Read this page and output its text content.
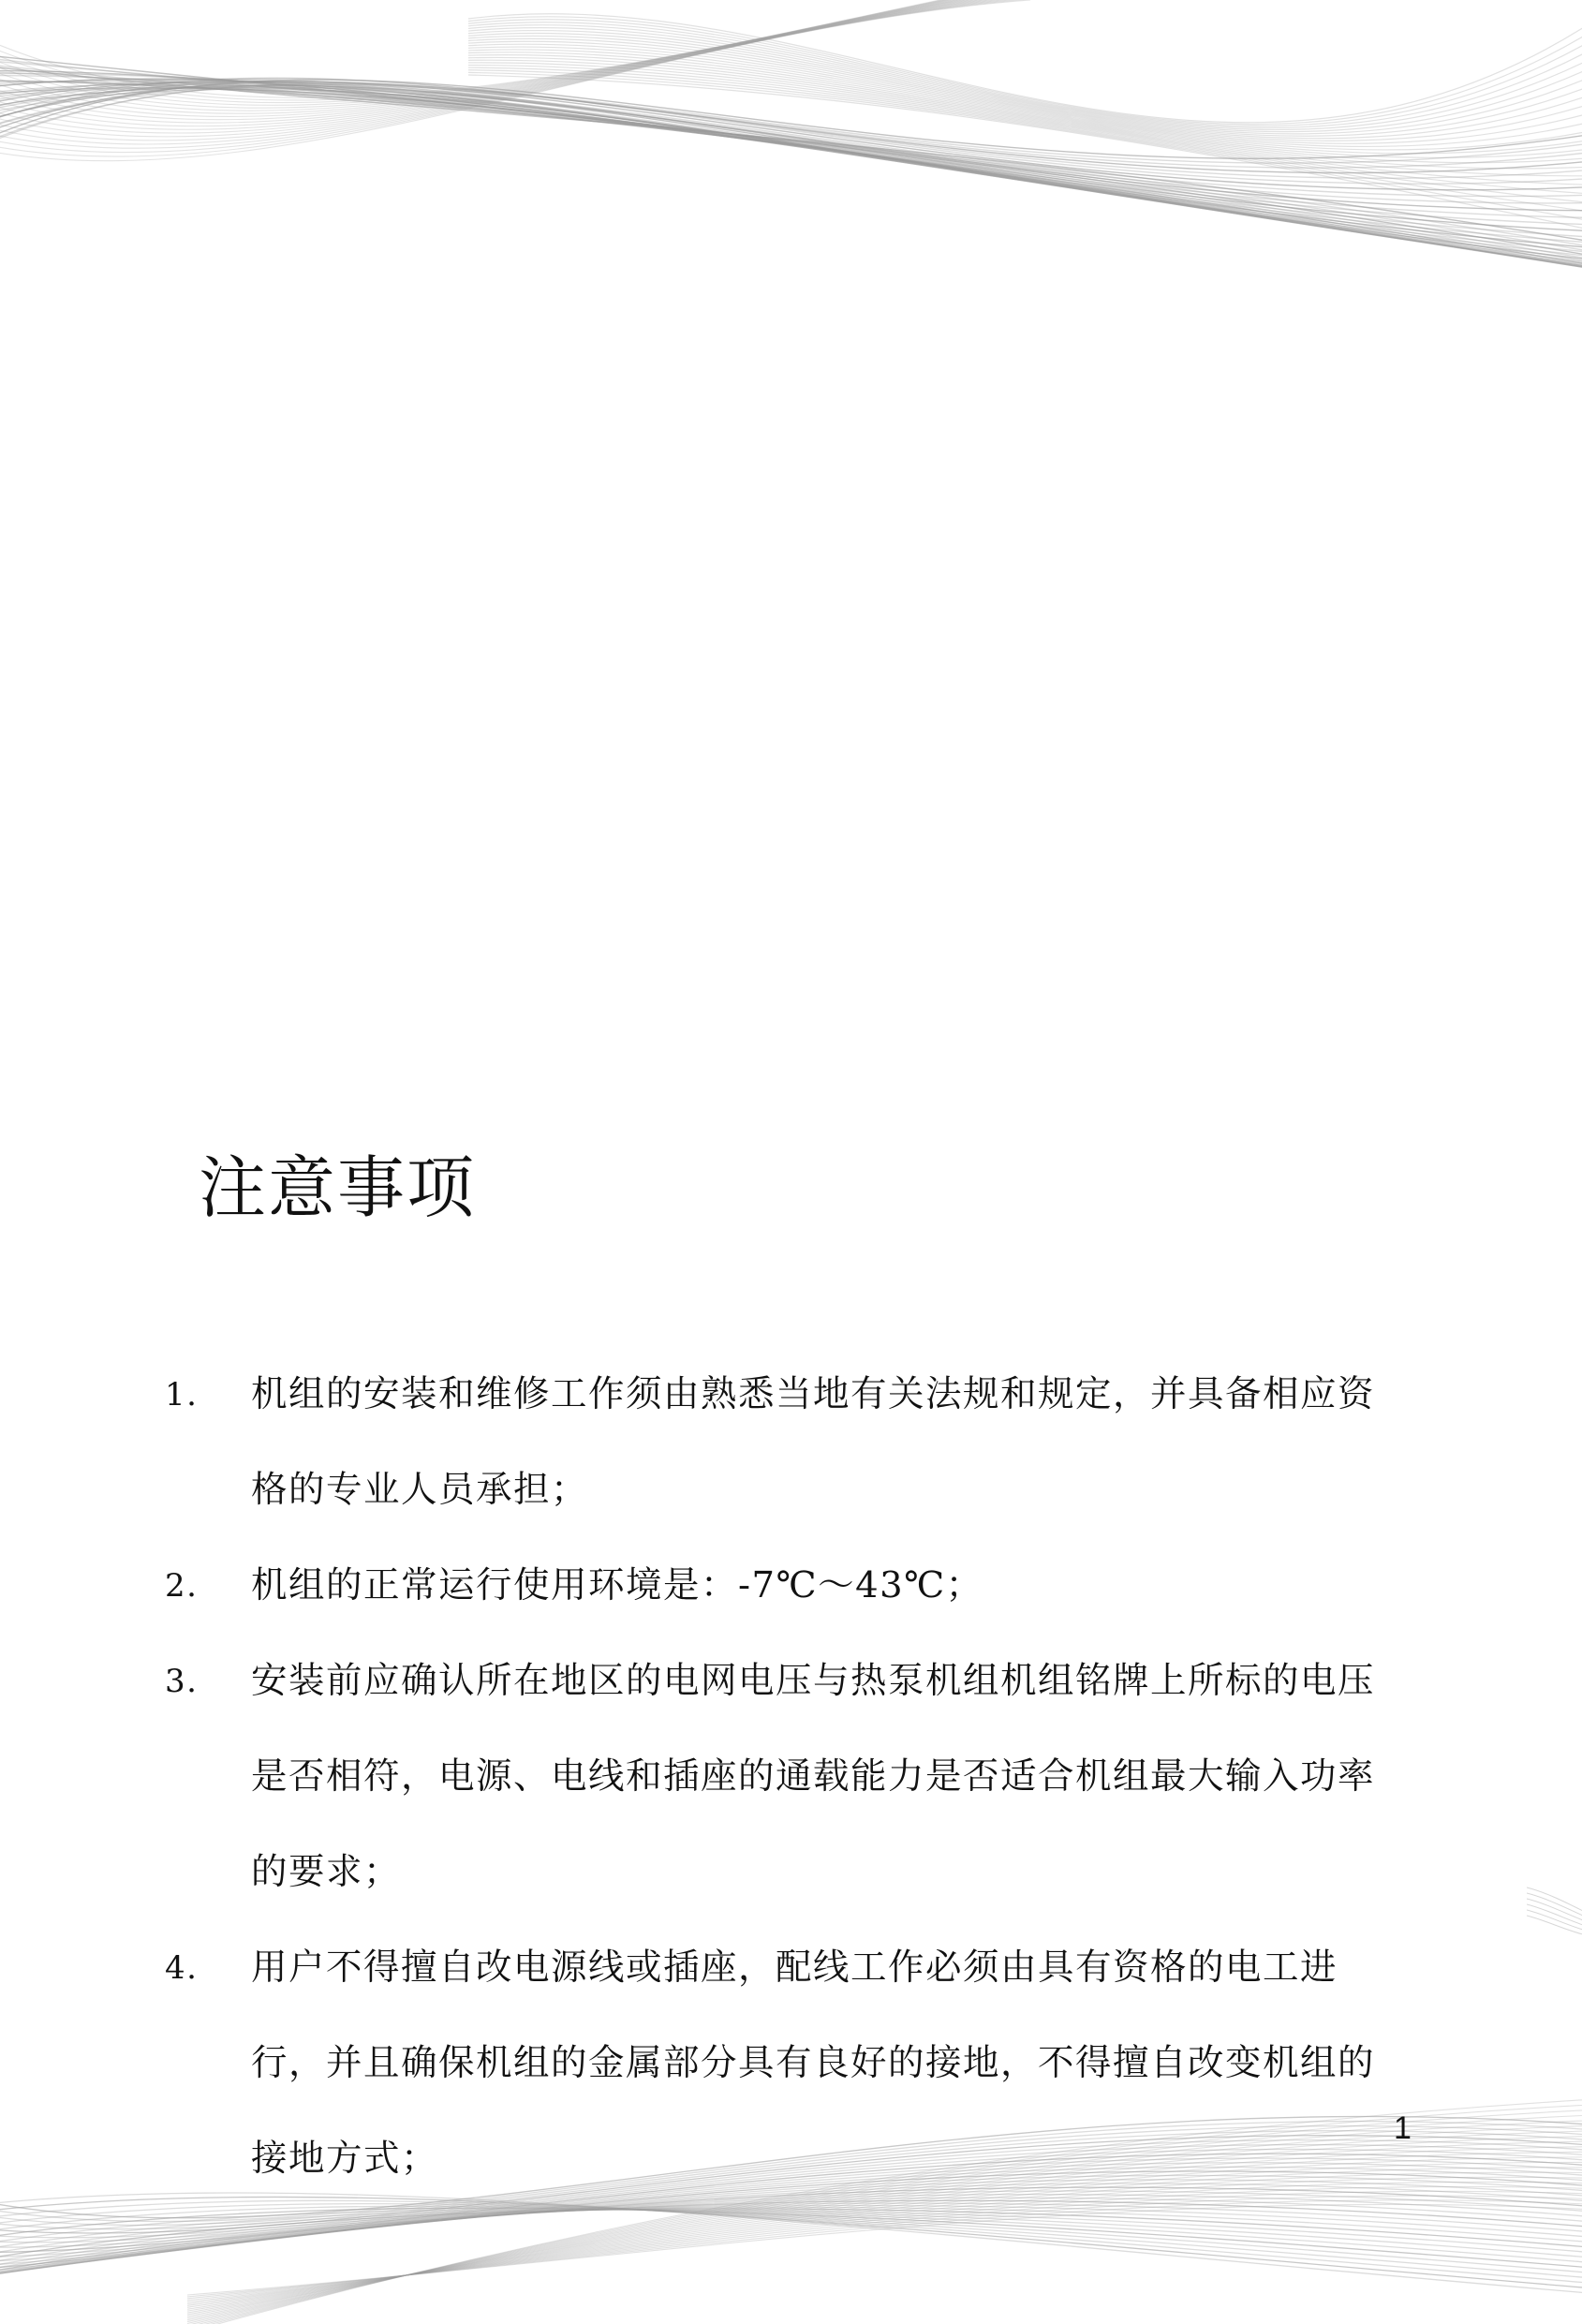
注意事项
1.	机组的安装和维修工作须由熟悉当地有关法规和规定，并具备相应资格的专业人员承担；
2.	机组的正常运行使用环境是：-7℃～43℃；
3.	安装前应确认所在地区的电网电压与热泵机组机组铭牌上所标的电压是否相符，电源、电线和插座的通载能力是否适合机组最大输入功率的要求；
4.	用户不得擅自改电源线或插座，配线工作必须由具有资格的电工进行，并且确保机组的金属部分具有良好的接地，不得擅自改变机组的接地方式；
1
